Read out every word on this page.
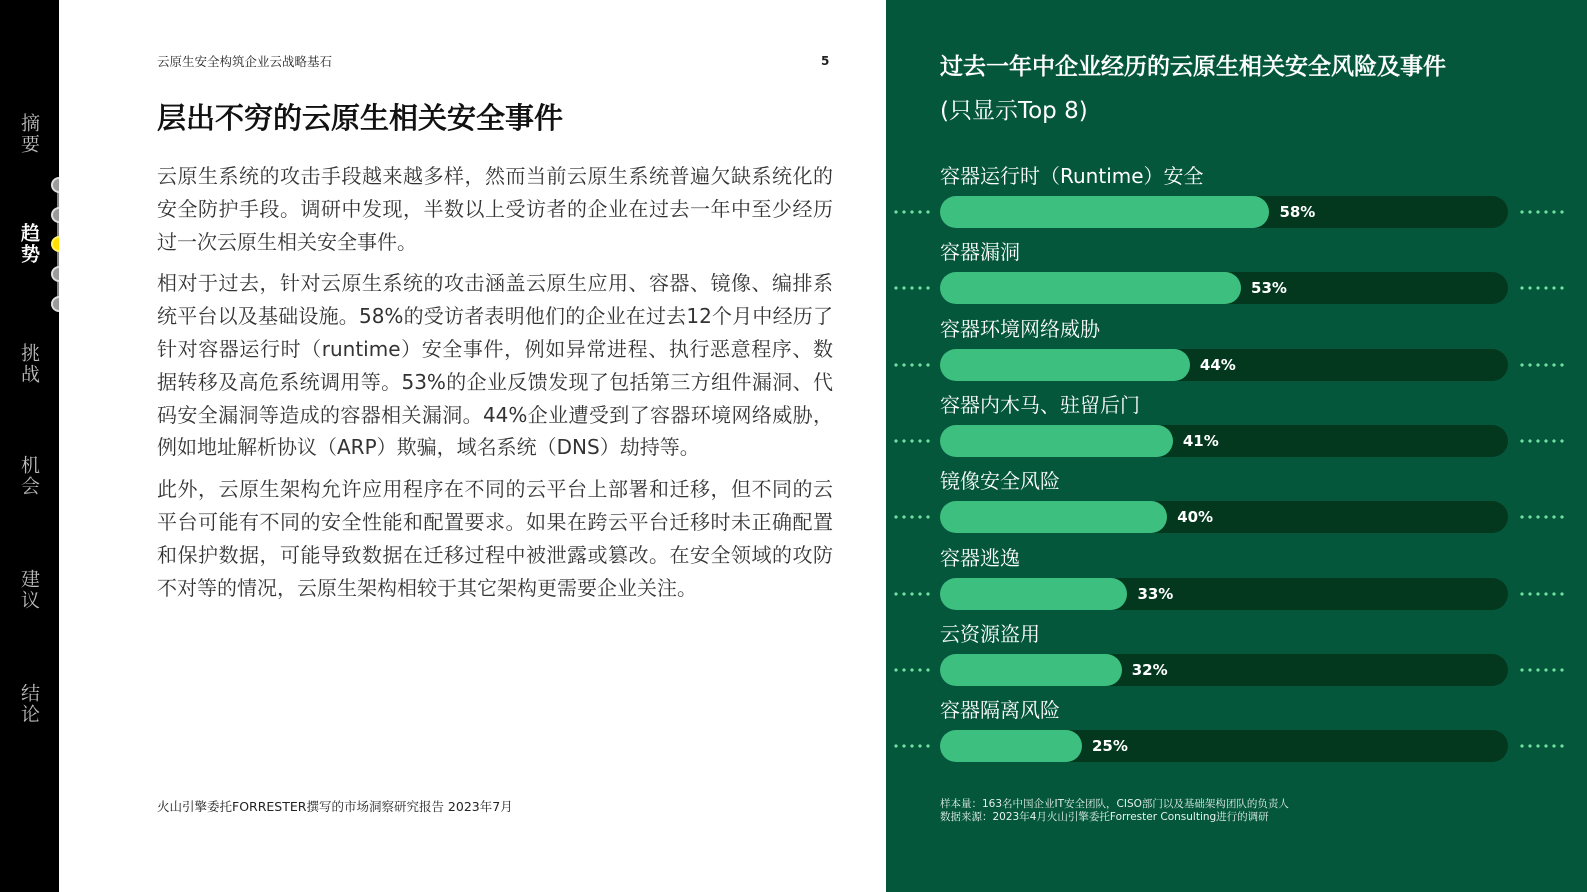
摘要
趋势
挑战
机会
建议
结论
云原生安全构筑企业云战略基石	5
层出不穷的云原生相关安全事件

云原生系统的攻击手段越来越多样，然而当前云原生系统普遍欠缺系统化的安全防护手段。调研中发现，半数以上受访者的企业在过去一年中至少经历过一次云原生相关安全事件。

相对于过去，针对云原生系统的攻击涵盖云原生应用、容器、镜像、编排系统平台以及基础设施。58%的受访者表明他们的企业在过去12个月中经历了针对容器运行时（runtime）安全事件，例如异常进程、执行恶意程序、数据转移及高危系统调用等。53%的企业反馈发现了包括第三方组件漏洞、代码安全漏洞等造成的容器相关漏洞。44%企业遭受到了容器环境网络威胁，例如地址解析协议（ARP）欺骗，域名系统（DNS）劫持等。

此外，云原生架构允许应用程序在不同的云平台上部署和迁移，但不同的云平台可能有不同的安全性能和配置要求。如果在跨云平台迁移时未正确配置和保护数据，可能导致数据在迁移过程中被泄露或篡改。在安全领域的攻防不对等的情况，云原生架构相较于其它架构更需要企业关注。

火山引擎委托FORRESTER撰写的市场洞察研究报告 2023年7月
过去一年中企业经历的云原生相关安全风险及事件
(只显示Top 8)
容器运行时（Runtime）安全
58%
容器漏洞
53%
容器环境网络威胁
44%
容器内木马、驻留后门
41%
镜像安全风险
40%
容器逃逸
33%
云资源盗用
32%
容器隔离风险
25%
样本量：163名中国企业IT安全团队，CISO部门以及基础架构团队的负责人
数据来源：2023年4月火山引擎委托Forrester Consulting进行的调研
